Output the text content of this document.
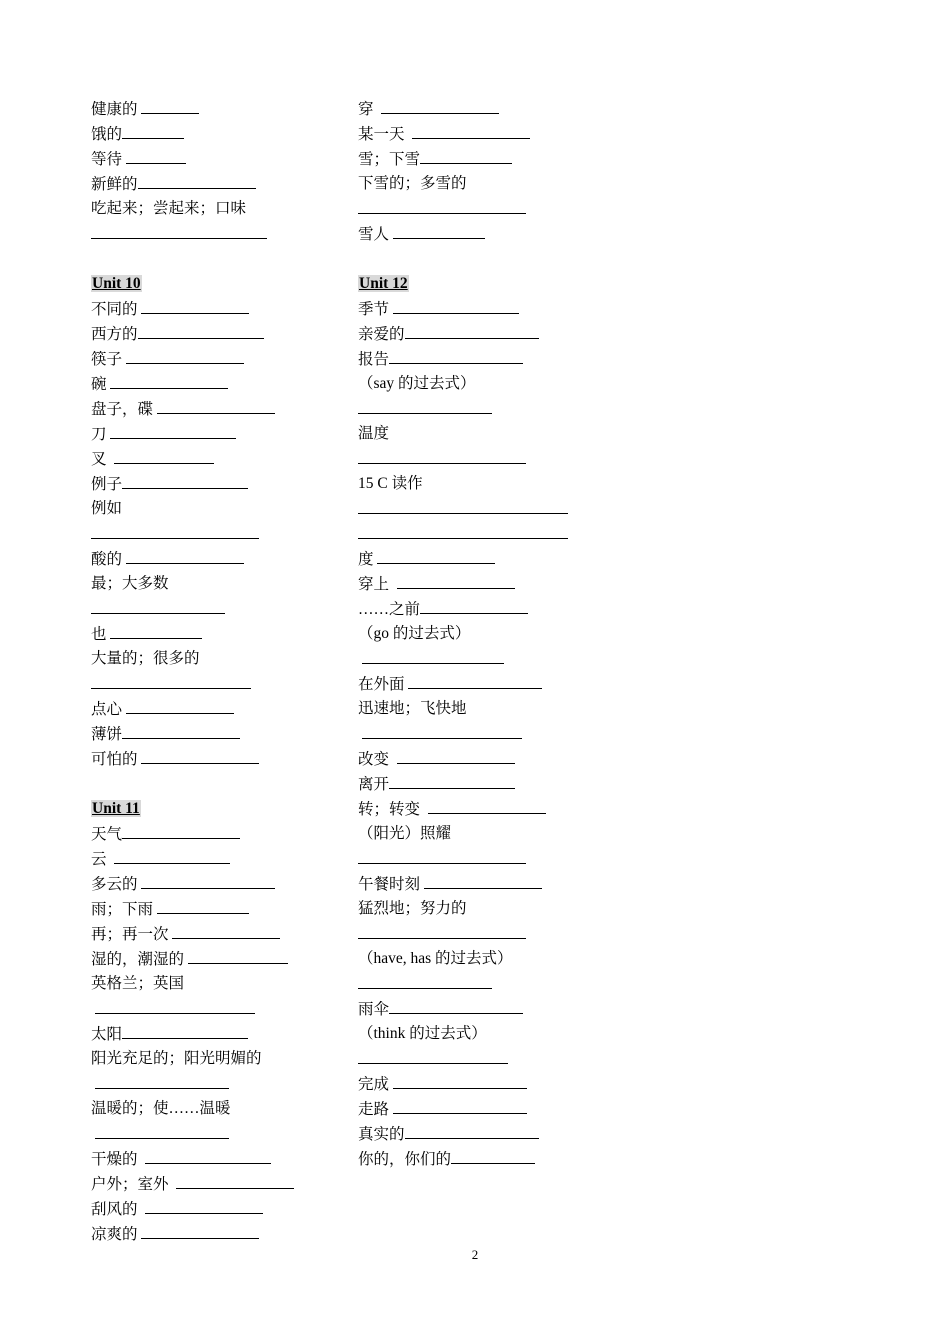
健康的
饿的
等待
新鲜的
吃起来；尝起来；口味
Unit 10
不同的
西方的
筷子
碗
盘子，碟
刀
叉
例子
例如
酸的
最；大多数
也
大量的；很多的
点心
薄饼
可怕的
Unit 11
天气
云
多云的
雨；下雨
再；再一次
湿的，潮湿的
英格兰；英国

太阳
阳光充足的；阳光明媚的

温暖的；使……温暖

干燥的
户外；室外
刮风的
凉爽的
穿
某一天
雪；下雪
下雪的；多雪的
雪人
Unit 12
季节
亲爱的
报告
（say 的过去式）
温度
15 C 读作
度
穿上
……之前
（go 的过去式）

在外面
迅速地；飞快地

改变
离开
转；转变
（阳光）照耀
午餐时刻
猛烈地；努力的
（have, has 的过去式）
雨伞
（think 的过去式）
完成
走路
真实的
你的，你们的
2
